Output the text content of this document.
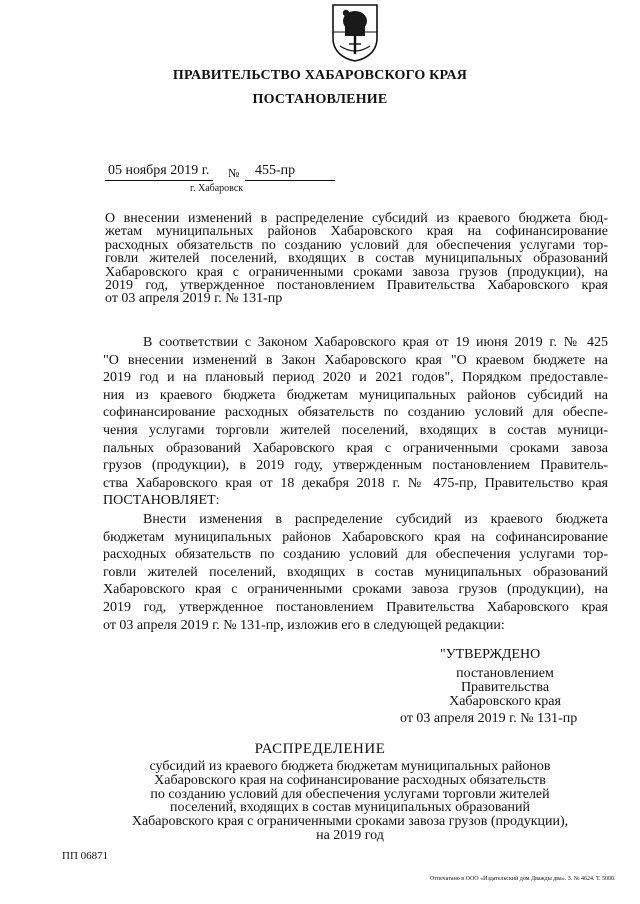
ПРАВИТЕЛЬСТВО ХАБАРОВСКОГО КРАЯ
ПОСТАНОВЛЕНИЕ
05 ноября 2019 г. № 455-пр
г. Хабаровск
О внесении изменений в распределение субсидий из краевого бюджета бюд-
жетам муниципальных районов Хабаровского края на софинансирование
расходных обязательств по созданию условий для обеспечения услугами тор-
говли жителей поселений, входящих в состав муниципальных образований
Хабаровского края с ограниченными сроками завоза грузов (продукции), на
2019 год, утвержденное постановлением Правительства Хабаровского края
от 03 апреля 2019 г. № 131-пр
В соответствии с Законом Хабаровского края от 19 июня 2019 г. № 425
"О внесении изменений в Закон Хабаровского края "О краевом бюджете на
2019 год и на плановый период 2020 и 2021 годов", Порядком предоставле-
ния из краевого бюджета бюджетам муниципальных районов субсидий на
софинансирование расходных обязательств по созданию условий для обеспе-
чения услугами торговли жителей поселений, входящих в состав муници-
пальных образований Хабаровского края с ограниченными сроками завоза
грузов (продукции), в 2019 году, утвержденным постановлением Правитель-
ства Хабаровского края от 18 декабря 2018 г. № 475-пр, Правительство края
ПОСТАНОВЛЯЕТ:
Внести изменения в распределение субсидий из краевого бюджета
бюджетам муниципальных районов Хабаровского края на софинансирование
расходных обязательств по созданию условий для обеспечения услугами тор-
говли жителей поселений, входящих в состав муниципальных образований
Хабаровского края с ограниченными сроками завоза грузов (продукции), на
2019 год, утвержденное постановлением Правительства Хабаровского края
от 03 апреля 2019 г. № 131-пр, изложив его в следующей редакции:
"УТВЕРЖДЕНО
постановлением
Правительства
Хабаровского края
от 03 апреля 2019 г. № 131-пр
РАСПРЕДЕЛЕНИЕ
субсидий из краевого бюджета бюджетам муниципальных районов
Хабаровского края на софинансирование расходных обязательств
по созданию условий для обеспечения услугами торговли жителей
поселений, входящих в состав муниципальных образований
Хабаровского края с ограниченными сроками завоза грузов (продукции),
на 2019 год
ПП 06871
Отпечатано в ООО «Издательский дом Дважды два». З. № 4624. Т. 5000.
